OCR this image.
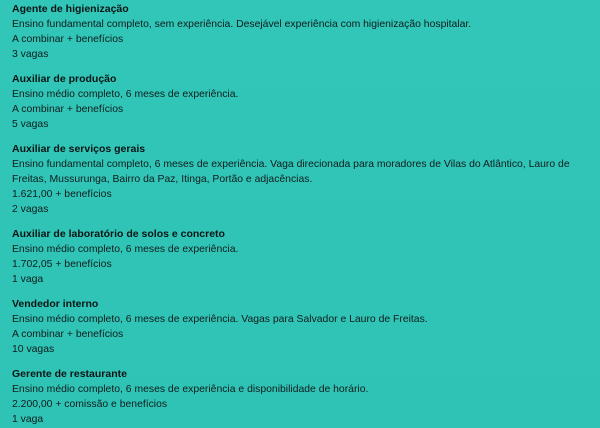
Agente de higienização

Ensino fundamental completo, sem experiência. Desejável experiência com higienização hospitalar.

A combinar + benefícios

3 vagas

Auxiliar de produção

Ensino médio completo, 6 meses de experiência.

A combinar + benefícios

5 vagas

Auxiliar de serviços gerais

Ensino fundamental completo, 6 meses de experiência. Vaga direcionada para moradores de Vilas do Atlântico, Lauro de Freitas, Mussurunga, Bairro da Paz, Itinga, Portão e adjacências.

1.621,00 + benefícios

2 vagas

Auxiliar de laboratório de solos e concreto

Ensino médio completo, 6 meses de experiência.

1.702,05 + benefícios

1 vaga

Vendedor interno

Ensino médio completo, 6 meses de experiência. Vagas para Salvador e Lauro de Freitas.

A combinar + benefícios

10 vagas

Gerente de restaurante

Ensino médio completo, 6 meses de experiência e disponibilidade de horário.

2.200,00 + comissão e benefícios

1 vaga
